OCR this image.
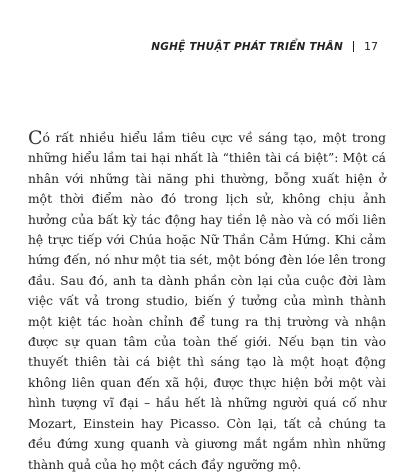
NGHỆ THUẬT PHÁT TRIỂN THÂN 17

Có rất nhiều hiểu lầm tiêu cực về sáng tạo, một trong những hiểu lầm tai hại nhất là “thiên tài cá biệt”: Một cá nhân với những tài năng phi thường, bỗng xuất hiện ở một thời điểm nào đó trong lịch sử, không chịu ảnh hưởng của bất kỳ tác động hay tiền lệ nào và có mối liên hệ trực tiếp với Chúa hoặc Nữ Thần Cảm Hứng. Khi cảm hứng đến, nó như một tia sét, một bóng đèn lóe lên trong đầu. Sau đó, anh ta dành phần còn lại của cuộc đời làm việc vất vả trong studio, biến ý tưởng của mình thành một kiệt tác hoàn chỉnh để tung ra thị trường và nhận được sự quan tâm của toàn thế giới. Nếu bạn tin vào thuyết thiên tài cá biệt thì sáng tạo là một hoạt động không liên quan đến xã hội, được thực hiện bởi một vài hình tượng vĩ đại – hầu hết là những người quá cố như Mozart, Einstein hay Picasso. Còn lại, tất cả chúng ta đều đứng xung quanh và giương mắt ngắm nhìn những thành quả của họ một cách đầy ngưỡng mộ.
